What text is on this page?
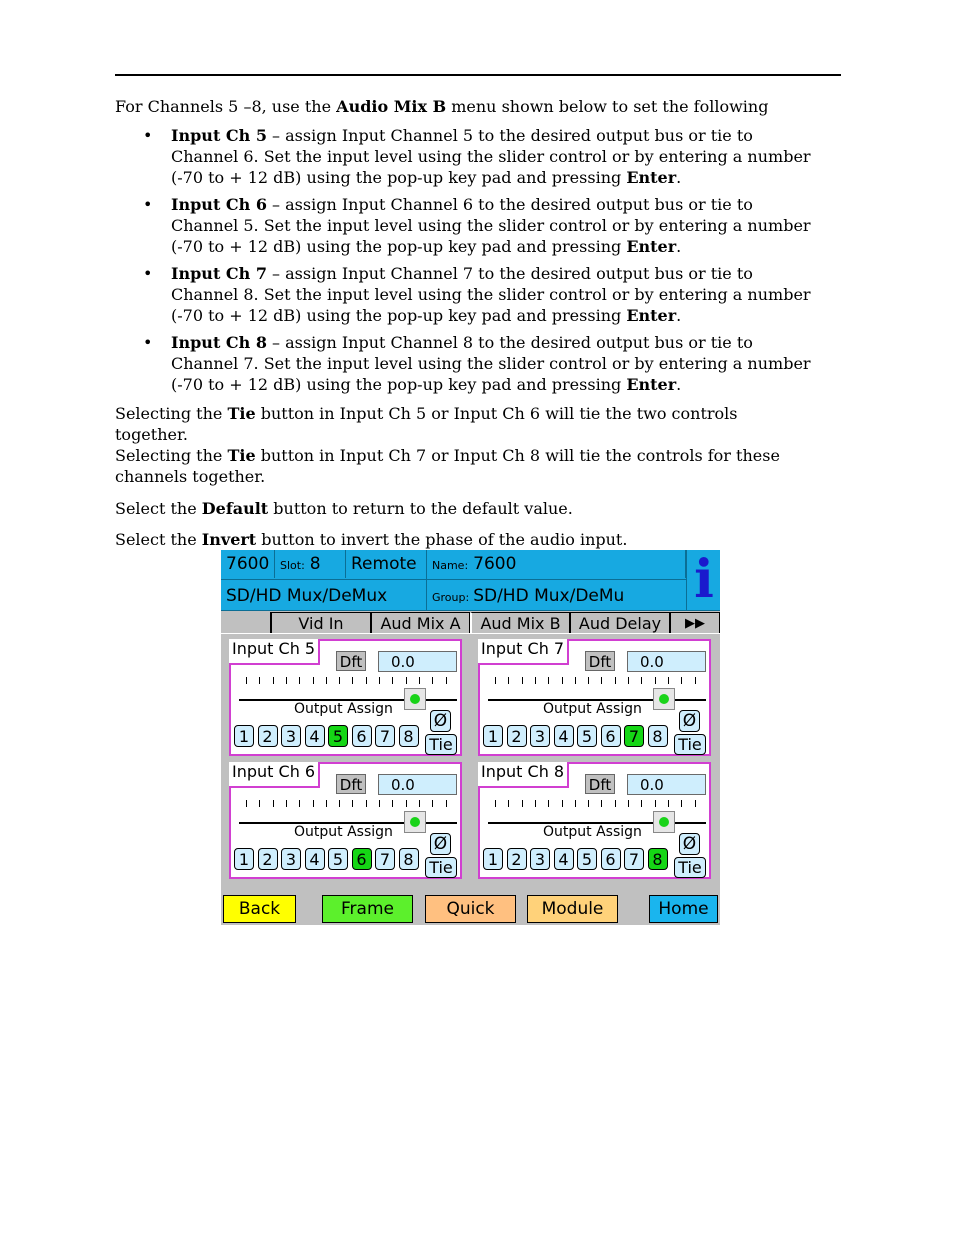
For Channels 5 –8, use the Audio Mix B menu shown below to set the following

• Input Ch 5 – assign Input Channel 5 to the desired output bus or tie to
Channel 6. Set the input level using the slider control or by entering a number
(-70 to + 12 dB) using the pop-up key pad and pressing Enter.
• Input Ch 6 – assign Input Channel 6 to the desired output bus or tie to
Channel 5. Set the input level using the slider control or by entering a number
(-70 to + 12 dB) using the pop-up key pad and pressing Enter.
• Input Ch 7 – assign Input Channel 7 to the desired output bus or tie to
Channel 8. Set the input level using the slider control or by entering a number
(-70 to + 12 dB) using the pop-up key pad and pressing Enter.
• Input Ch 8 – assign Input Channel 8 to the desired output bus or tie to
Channel 7. Set the input level using the slider control or by entering a number
(-70 to + 12 dB) using the pop-up key pad and pressing Enter.

Selecting the Tie button in Input Ch 5 or Input Ch 6 will tie the two controls together.
Selecting the Tie button in Input Ch 7 or Input Ch 8 will tie the controls for these
channels together.

Select the Default button to return to the default value.

Select the Invert button to invert the phase of the audio input.

7600 Slot: 8	Remote	Name: 7600
SD/HD Mux/DeMux	Group: SD/HD Mux/DeMu i
Vid In	Aud Mix A	Aud Mix B	Aud Delay	▶▶
Input Ch 5
Dft	0.0
Output Assign
Ø
Tie
1 2 3 4 5 6 7 8
Input Ch 7
Dft	0.0
Output Assign
Ø
Tie
1 2 3 4 5 6 7 8
Input Ch 6
Dft	0.0
Output Assign
Ø
Tie
1 2 3 4 5 6 7 8
Input Ch 8
Dft	0.0
Output Assign
Ø
Tie
1 2 3 4 5 6 7 8
Back	Frame	Quick	Module	Home
